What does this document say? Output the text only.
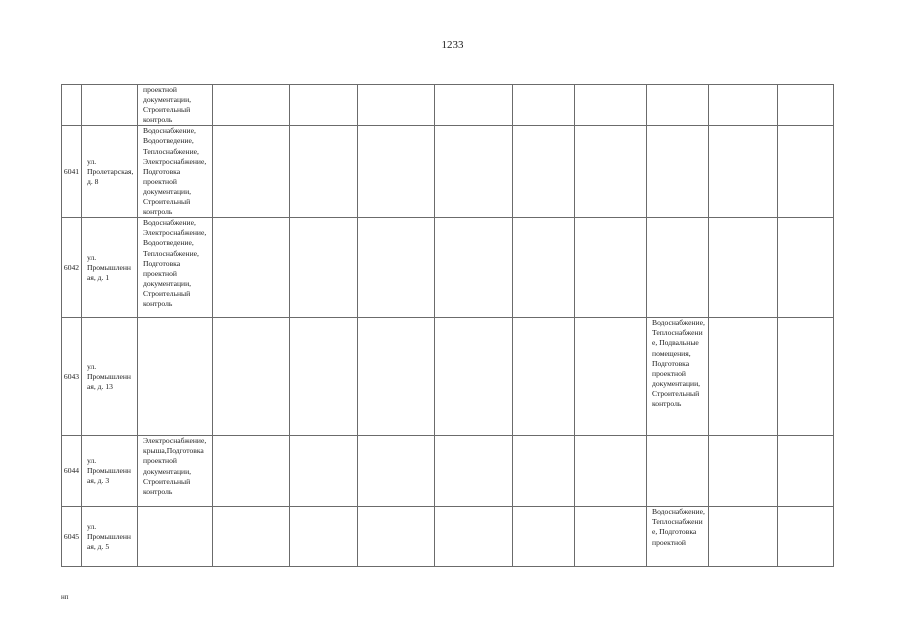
1233

		проектной документации, Строительный контроль									

6041	ул. Пролетарская, д. 8	Водоснабжение, Водоотведение, Теплоснабжение, Электроснабжение, Подготовка проектной документации, Строительный контроль									

6042	ул. Промышленная, д. 1	Водоснабжение, Электроснабжение, Водоотведение, Теплоснабжение, Подготовка проектной документации, Строительный контроль									

6043	ул. Промышленная, д. 13								Водоснабжение, Теплоснабжение, Подвальные помещения, Подготовка проектной документации, Строительный контроль		

6044	ул. Промышленная, д. 3	Электроснабжение, крыша,Подготовка проектной документации, Строительный контроль									

6045	ул. Промышленная, д. 5								Водоснабжение, Теплоснабжение, Подготовка проектной		

нп
